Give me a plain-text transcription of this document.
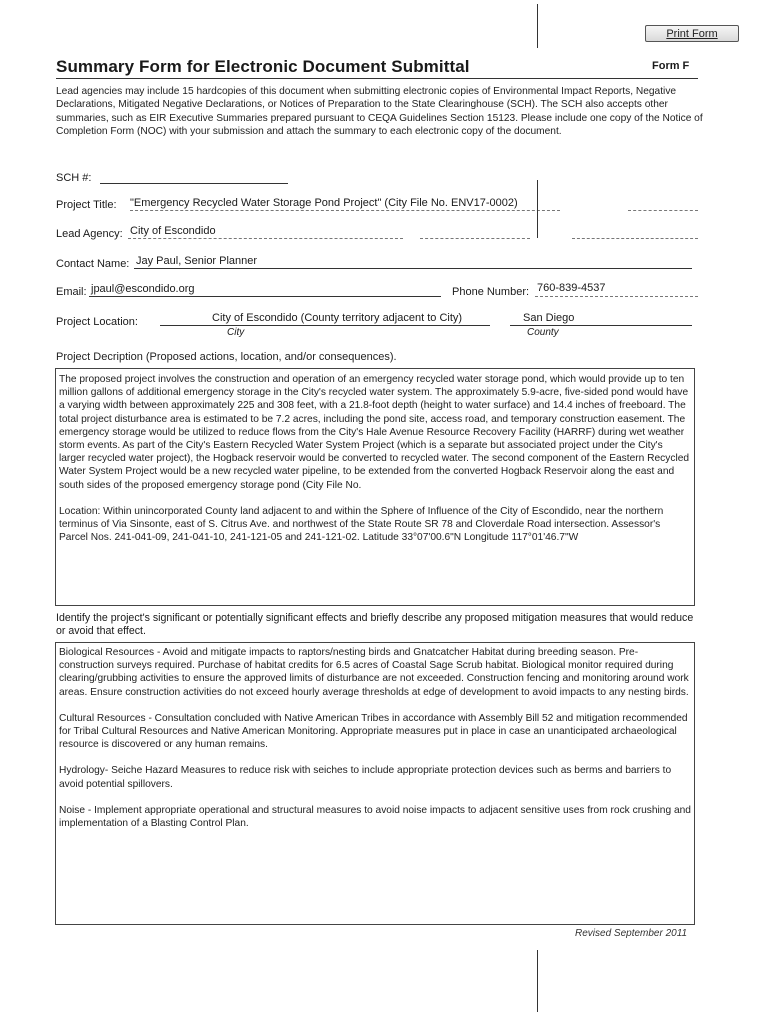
Print Form
Summary Form for Electronic Document Submittal	Form F
Lead agencies may include 15 hardcopies of this document when submitting electronic copies of Environmental Impact Reports, Negative Declarations, Mitigated Negative Declarations, or Notices of Preparation to the State Clearinghouse (SCH). The SCH also accepts other summaries, such as EIR Executive Summaries prepared pursuant to CEQA Guidelines Section 15123. Please include one copy of the Notice of Completion Form (NOC) with your submission and attach the summary to each electronic copy of the document.
SCH #:
Project Title: "Emergency Recycled Water Storage Pond Project" (City File No. ENV17-0002)
Lead Agency: City of Escondido
Contact Name: Jay Paul, Senior Planner
Email: jpaul@escondido.org	Phone Number: 760-839-4537
Project Location:	City of Escondido (County territory adjacent to City)
City
San Diego
County
Project Decription (Proposed actions, location, and/or consequences).

The proposed project involves the construction and operation of an emergency recycled water storage pond, which would provide up to ten million gallons of additional emergency storage in the City's recycled water system. The approximately 5.9-acre, five-sided pond would have a varying width between approximately 225 and 308 feet, with a 21.8-foot depth (height to water surface) and 14.4 inches of freeboard. The total project disturbance area is estimated to be 7.2 acres, including the pond site, access road, and temporary construction easement. The emergency storage would be utilized to reduce flows from the City's Hale Avenue Resource Recovery Facility (HARRF) during wet weather storm events. As part of the City's Eastern Recycled Water System Project (which is a separate but associated project under the City's larger recycled water project), the Hogback reservoir would be converted to recycled water. The second component of the Eastern Recycled Water System Project would be a new recycled water pipeline, to be extended from the converted Hogback Reservoir along the east and south sides of the proposed emergency storage pond (City File No.

Location: Within unincorporated County land adjacent to and within the Sphere of Influence of the City of Escondido, near the northern terminus of Via Sinsonte, east of S. Citrus Ave. and northwest of the State Route SR 78 and Cloverdale Road intersection. Assessor's Parcel Nos. 241-041-09, 241-041-10, 241-121-05 and 241-121-02. Latitude 33°07'00.6"N Longitude 117°01'46.7"W

Identify the project's significant or potentially significant effects and briefly describe any proposed mitigation measures that would reduce or avoid that effect.

Biological Resources - Avoid and mitigate impacts to raptors/nesting birds and Gnatcatcher Habitat during breeding season. Pre-construction surveys required. Purchase of habitat credits for 6.5 acres of Coastal Sage Scrub habitat. Biological monitor required during clearing/grubbing activities to ensure the approved limits of disturbance are not exceeded. Construction fencing and monitoring around work areas. Ensure construction activities do not exceed hourly average thresholds at edge of development to avoid impacts to any nesting birds.

Cultural Resources - Consultation concluded with Native American Tribes in accordance with Assembly Bill 52 and mitigation recommended for Tribal Cultural Resources and Native American Monitoring. Appropriate measures put in place in case an unanticipated archaeological resource is discovered or any human remains.

Hydrology- Seiche Hazard Measures to reduce risk with seiches to include appropriate protection devices such as berms and barriers to avoid potential spillovers.

Noise - Implement appropriate operational and structural measures to avoid noise impacts to adjacent sensitive uses from rock crushing and implementation of a Blasting Control Plan.

Revised September 2011
